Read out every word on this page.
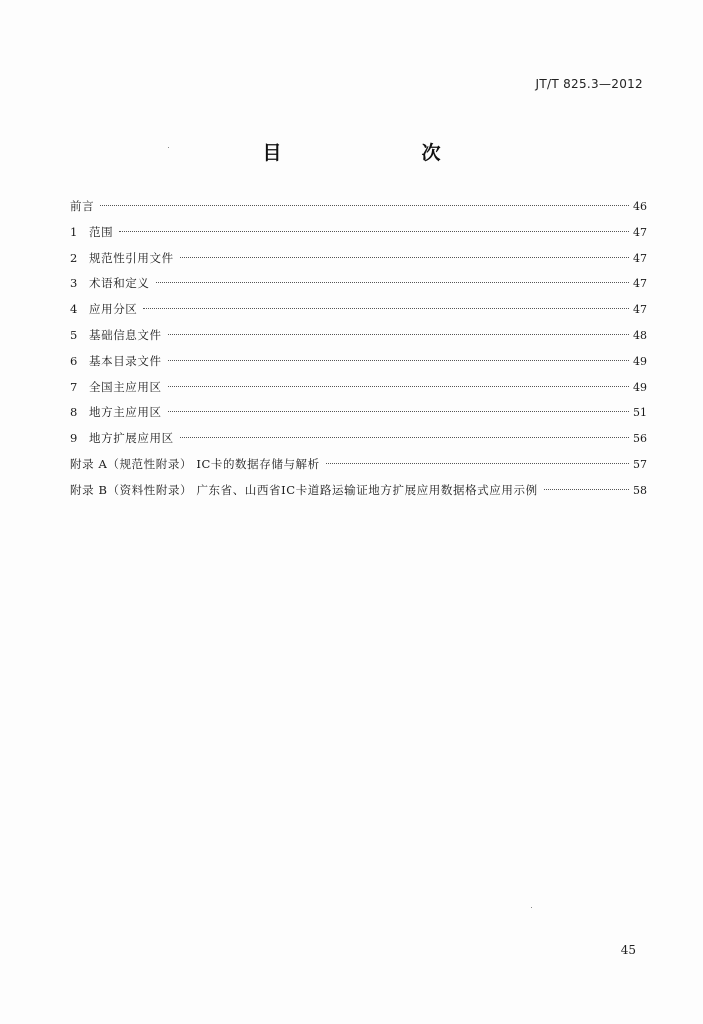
JT/T 825.3—2012
目　　次
前言	46
1	范围	47
2	规范性引用文件	47
3	术语和定义	47
4	应用分区	47
5	基础信息文件	48
6	基本目录文件	49
7	全国主应用区	49
8	地方主应用区	51
9	地方扩展应用区	56
附录 A（规范性附录） IC卡的数据存储与解析	57
附录 B（资料性附录） 广东省、山西省IC卡道路运输证地方扩展应用数据格式应用示例	58
45
